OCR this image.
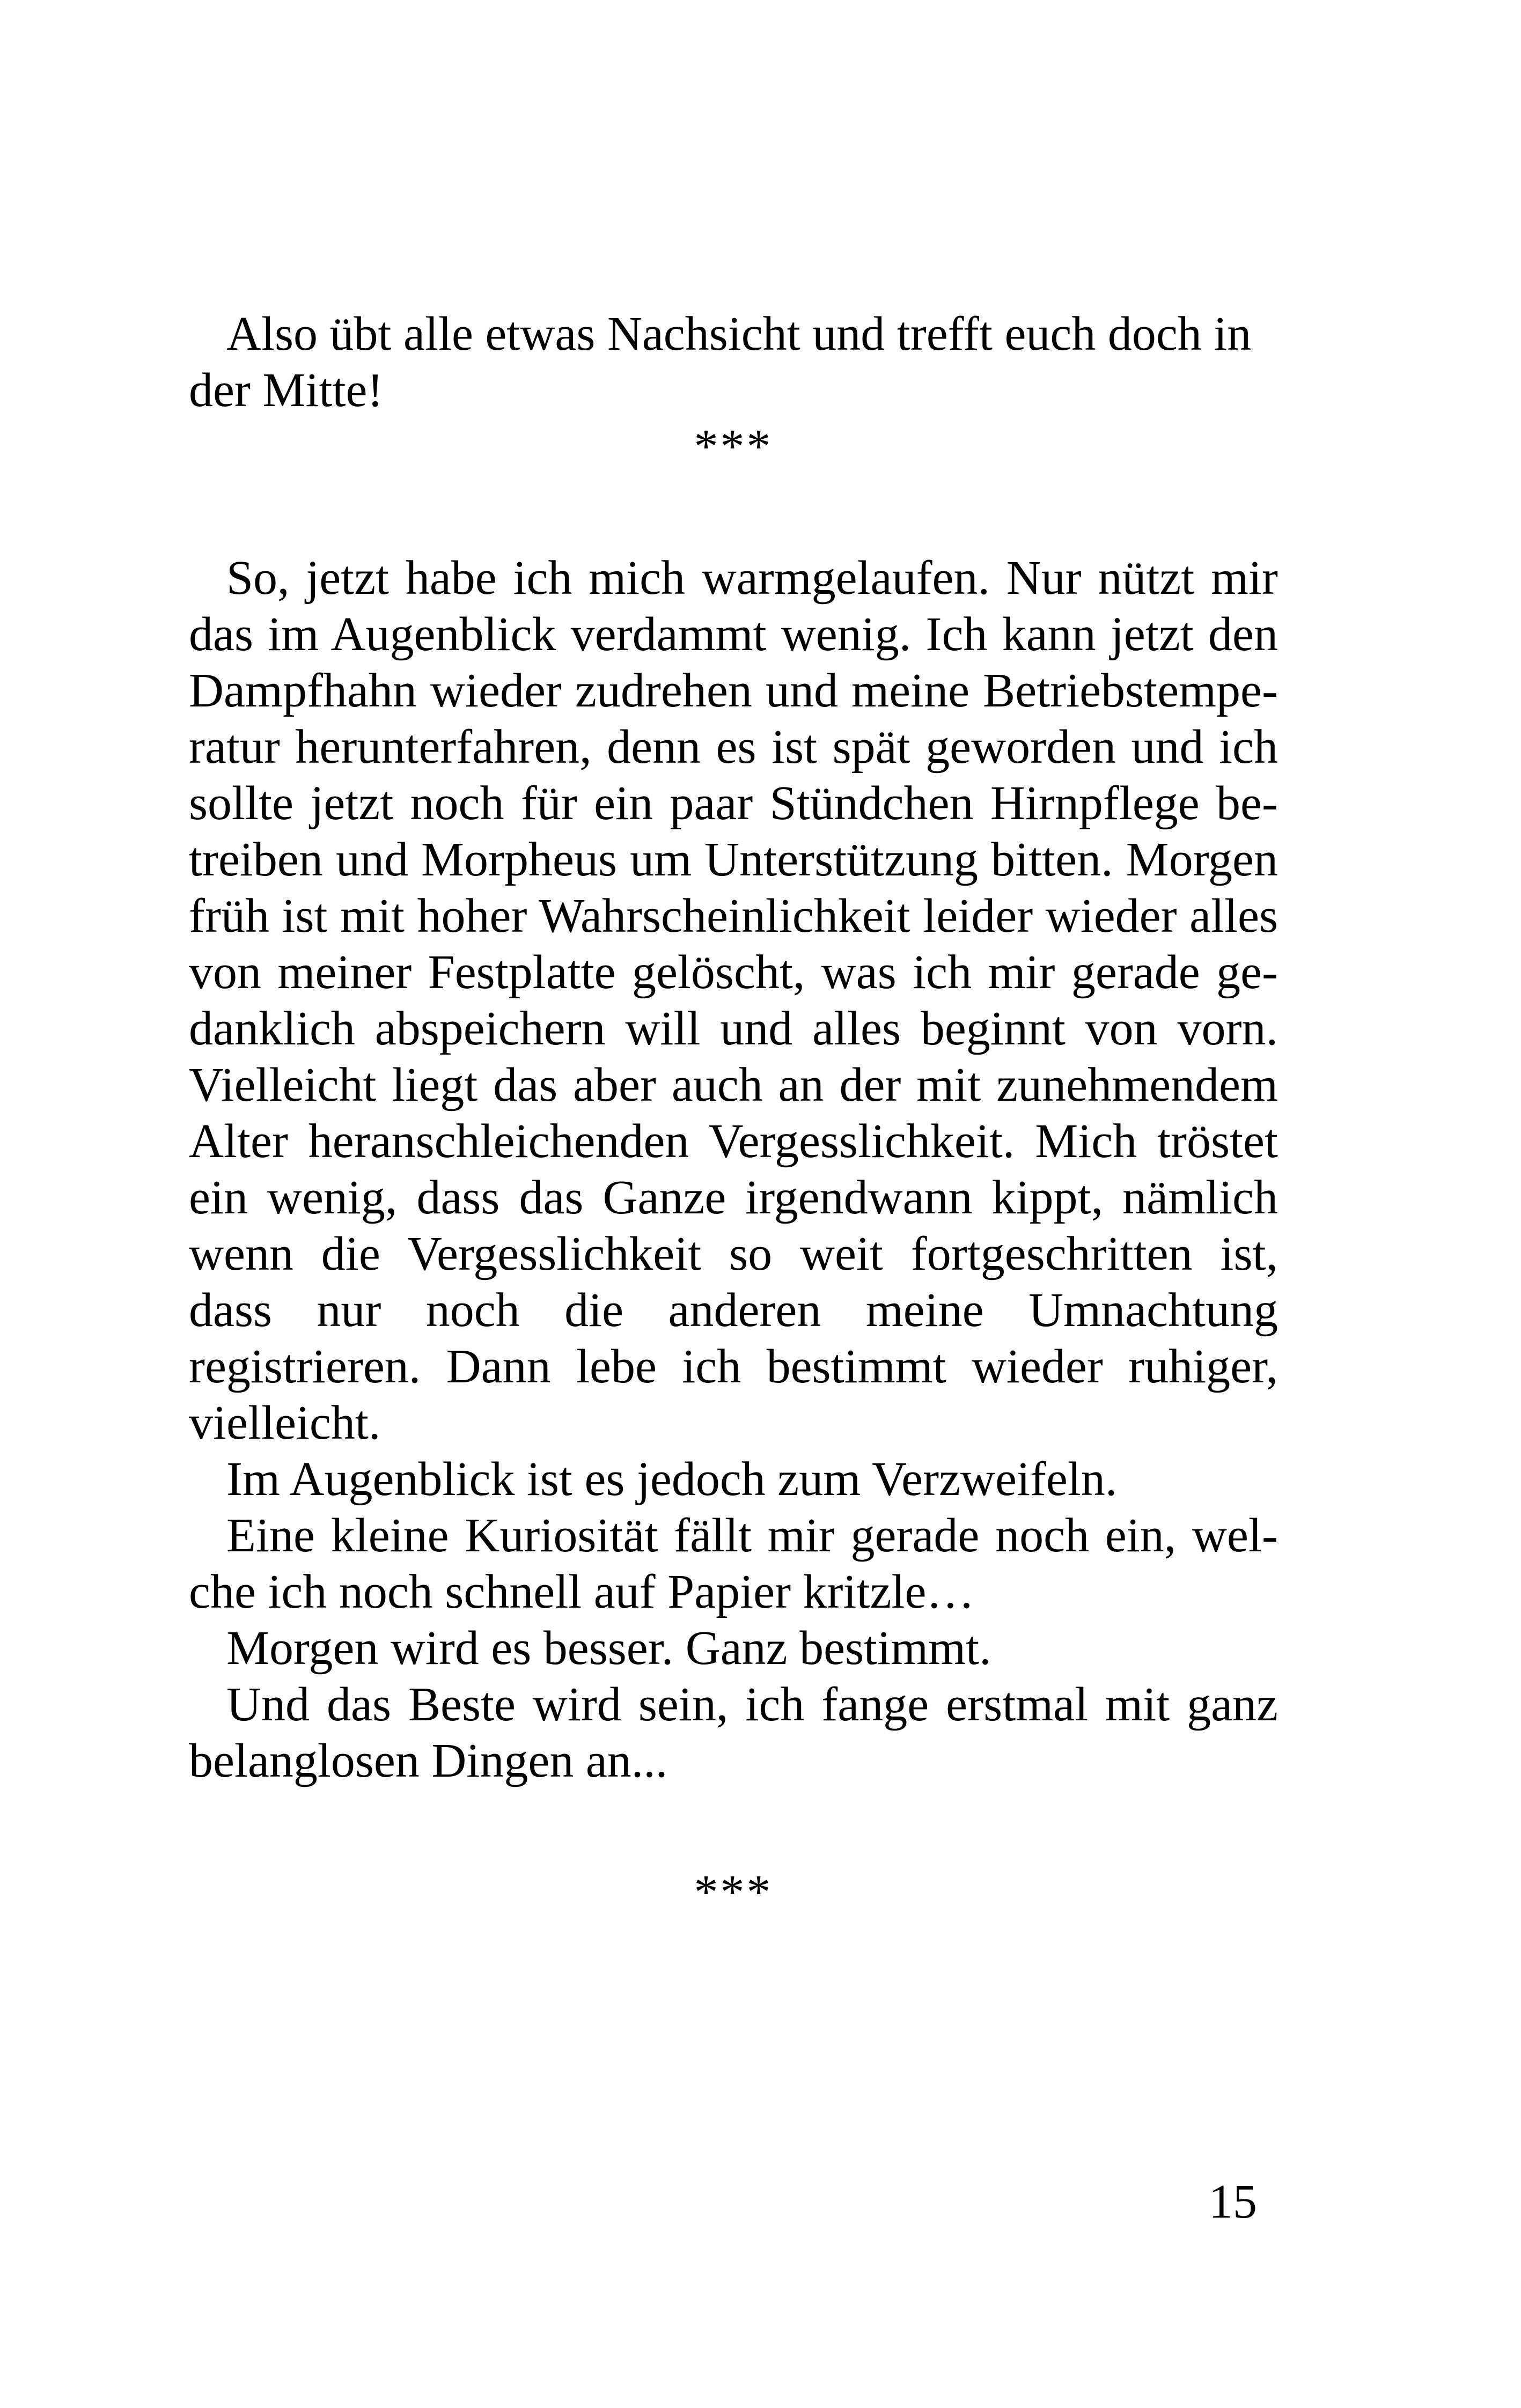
Also übt alle etwas Nachsicht und trefft euch doch in der Mitte!

***

So, jetzt habe ich mich warmgelaufen. Nur nützt mir das im Augenblick verdammt wenig. Ich kann jetzt den Dampfhahn wieder zudrehen und meine Betriebstemperatur herunterfahren, denn es ist spät geworden und ich sollte jetzt noch für ein paar Stündchen Hirnpflege betreiben und Morpheus um Unterstützung bitten. Morgen früh ist mit hoher Wahrscheinlichkeit leider wieder alles von meiner Festplatte gelöscht, was ich mir gerade gedanklich abspeichern will und alles beginnt von vorn. Vielleicht liegt das aber auch an der mit zunehmendem Alter heranschleichenden Vergesslichkeit. Mich tröstet ein wenig, dass das Ganze irgendwann kippt, nämlich wenn die Vergesslichkeit so weit fortgeschritten ist, dass nur noch die anderen meine Umnachtung registrieren. Dann lebe ich bestimmt wieder ruhiger, vielleicht.

Im Augenblick ist es jedoch zum Verzweifeln.

Eine kleine Kuriosität fällt mir gerade noch ein, welche ich noch schnell auf Papier kritzle…

Morgen wird es besser. Ganz bestimmt.

Und das Beste wird sein, ich fange erstmal mit ganz belanglosen Dingen an...

***

15
